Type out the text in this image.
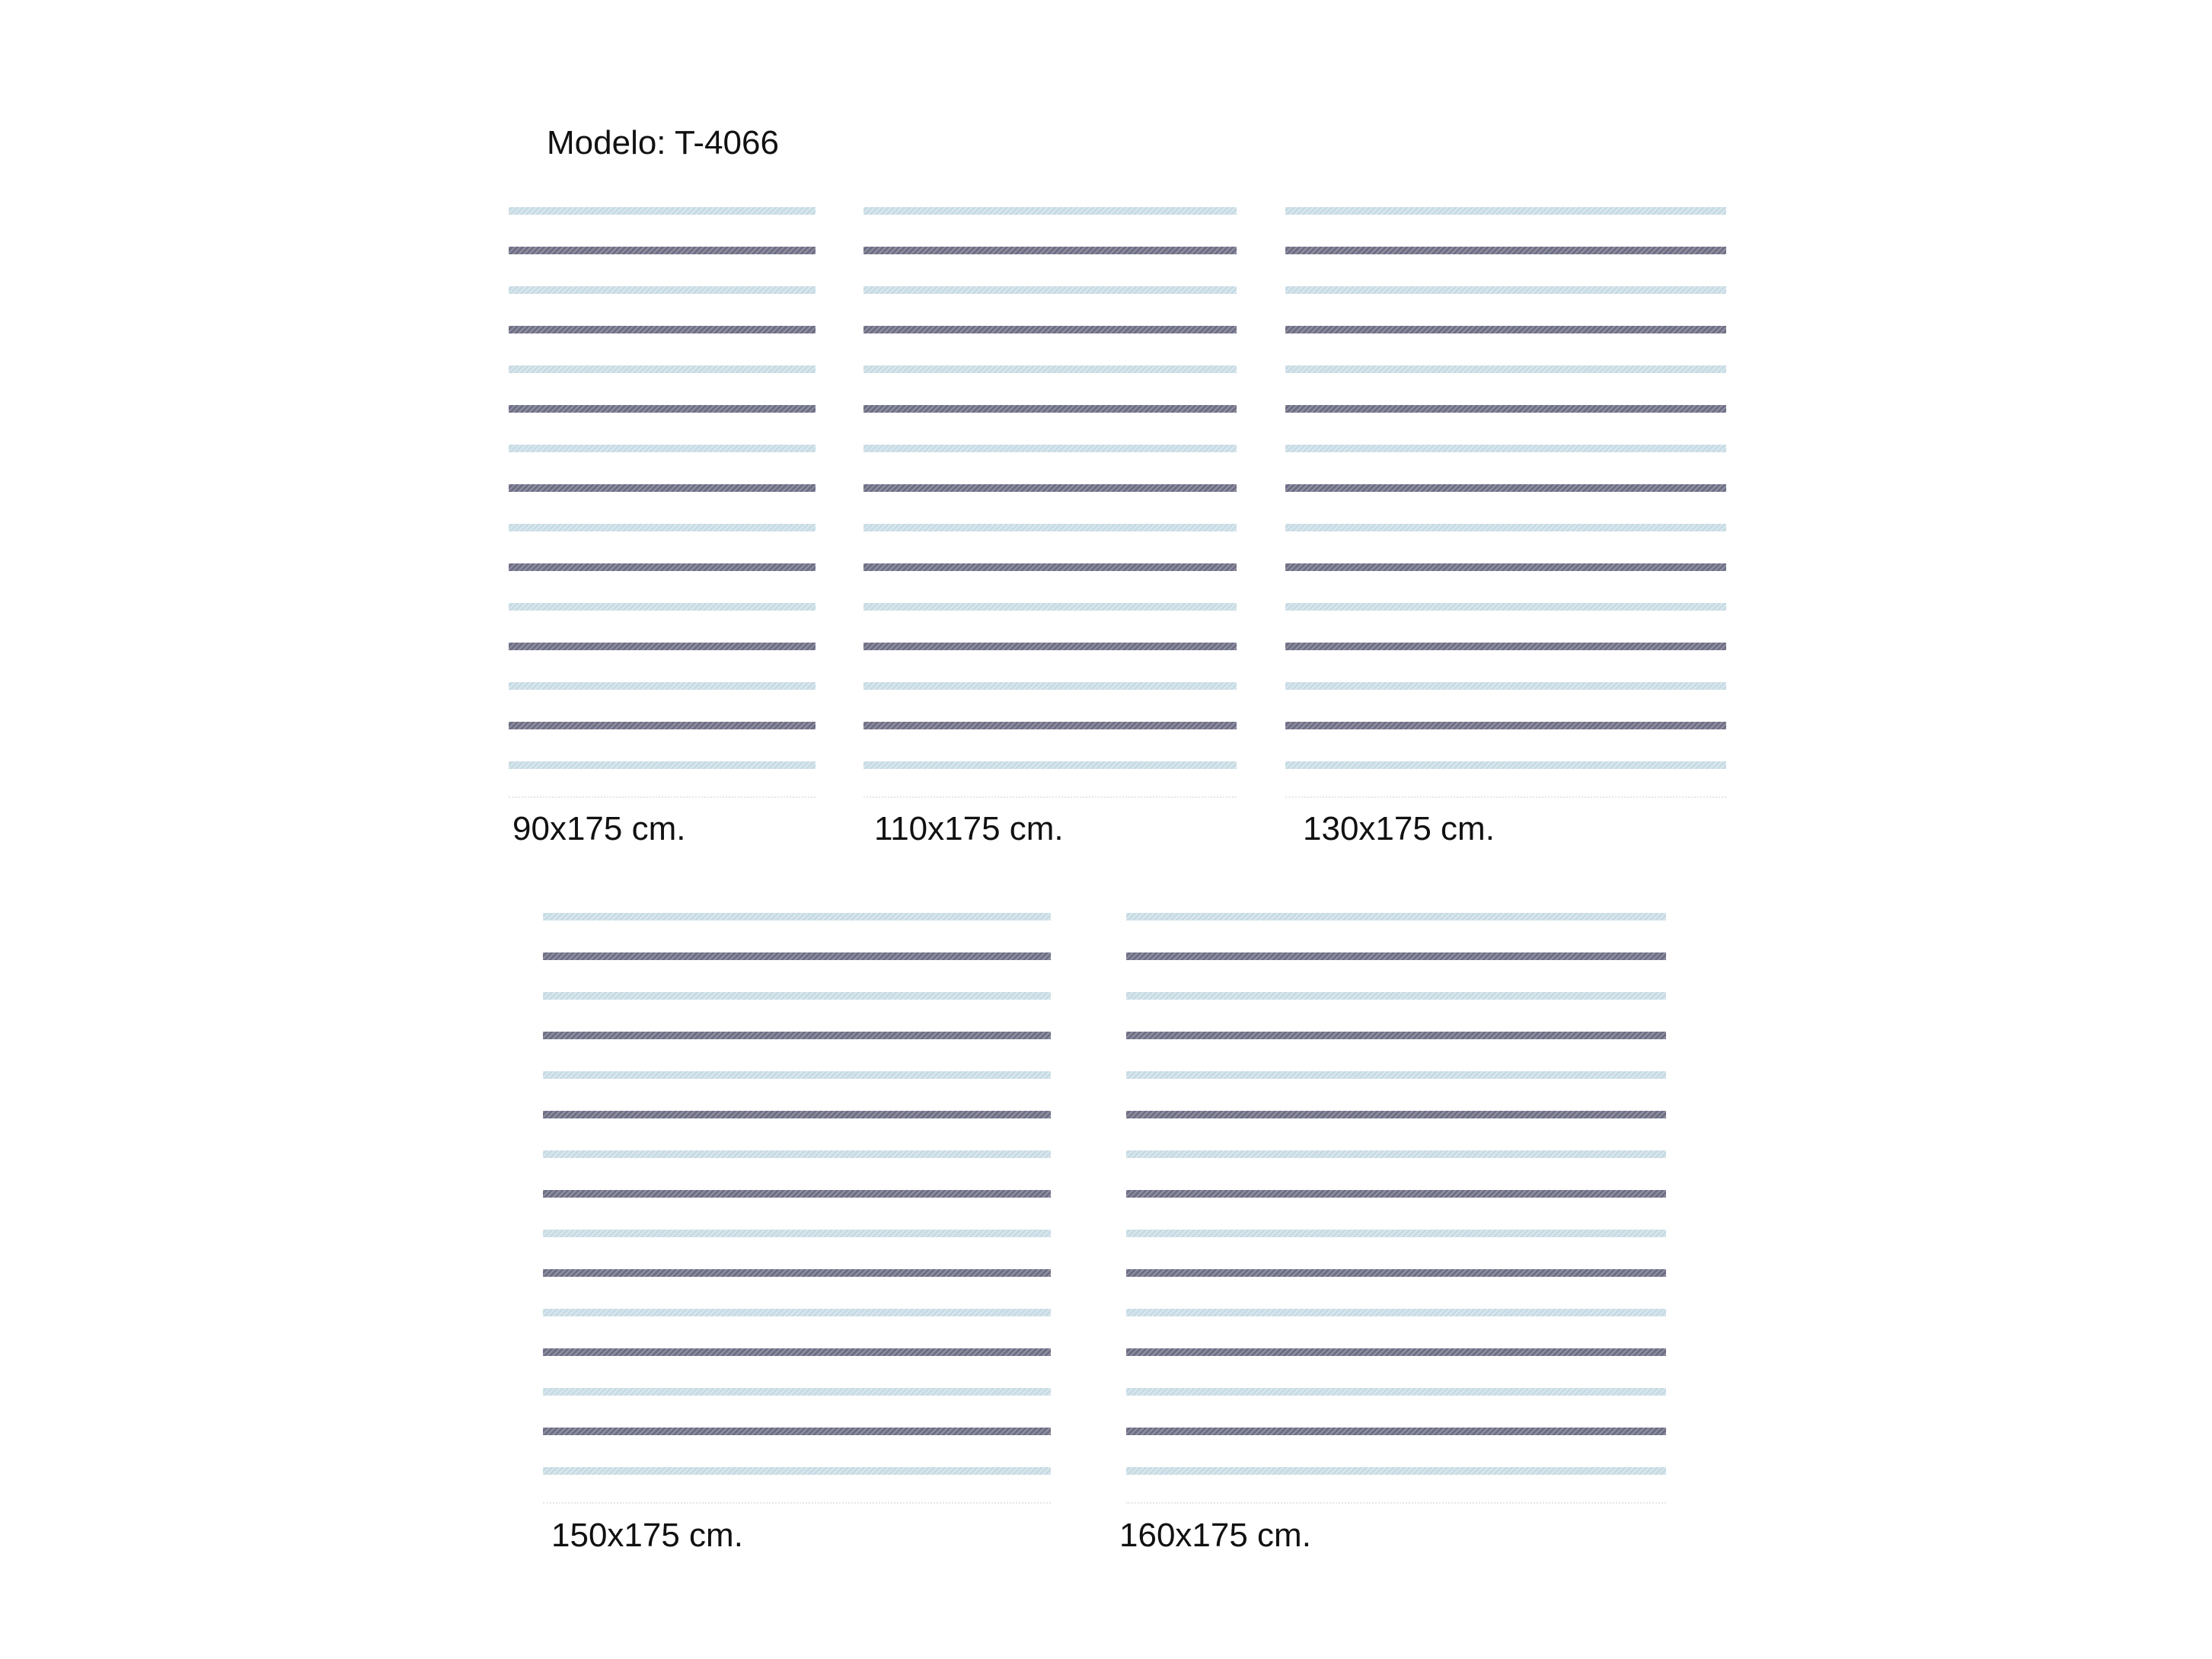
Modelo: T-4066
90x175 cm.	110x175 cm.	130x175 cm.
150x175 cm.	160x175 cm.
